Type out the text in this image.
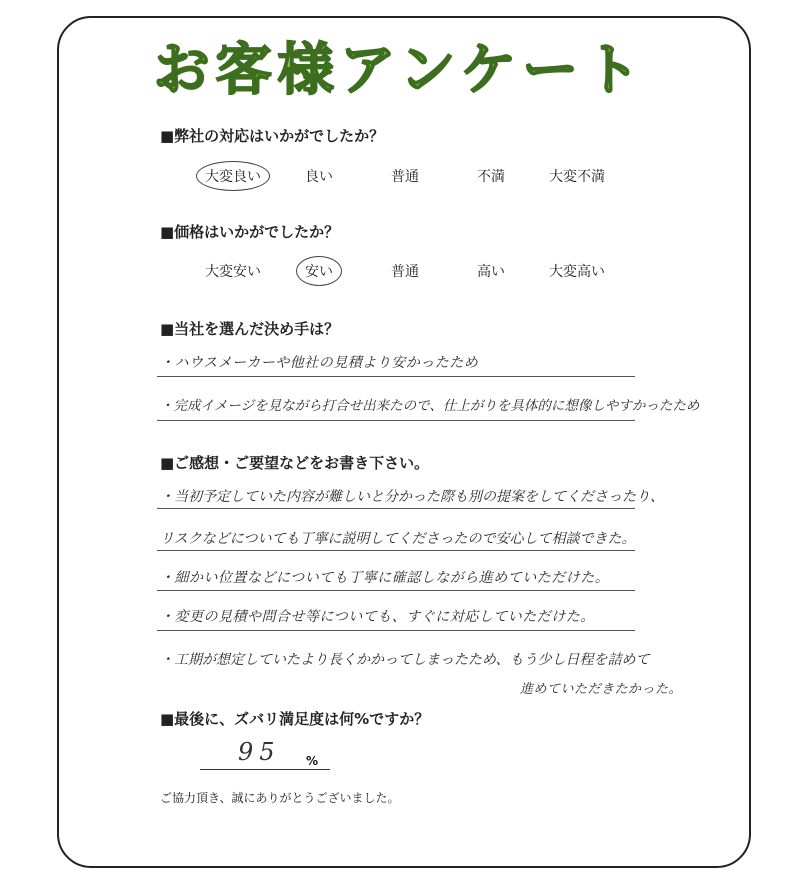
お客様アンケート
■弊社の対応はいかがでしたか？
大変良い	良い	普通	不満	大変不満
■価格はいかがでしたか？
大変安い	安い	普通	高い	大変高い
■当社を選んだ決め手は？
・ハウスメーカーや他社の見積より安かったため
・完成イメージを見ながら打合せ出来たので、仕上がりを具体的に想像しやすかったため
■ご感想・ご要望などをお書き下さい。
・当初予定していた内容が難しいと分かった際も別の提案をしてくださったり、
リスクなどについても丁寧に説明してくださったので安心して相談できた。
・細かい位置などについても丁寧に確認しながら進めていただけた。
・変更の見積や問合せ等についても、すぐに対応していただけた。
・工期が想定していたより長くかかってしまったため、もう少し日程を詰めて
進めていただきたかった。
■最後に、ズバリ満足度は何%ですか？
95 %
ご協力頂き、誠にありがとうございました。
